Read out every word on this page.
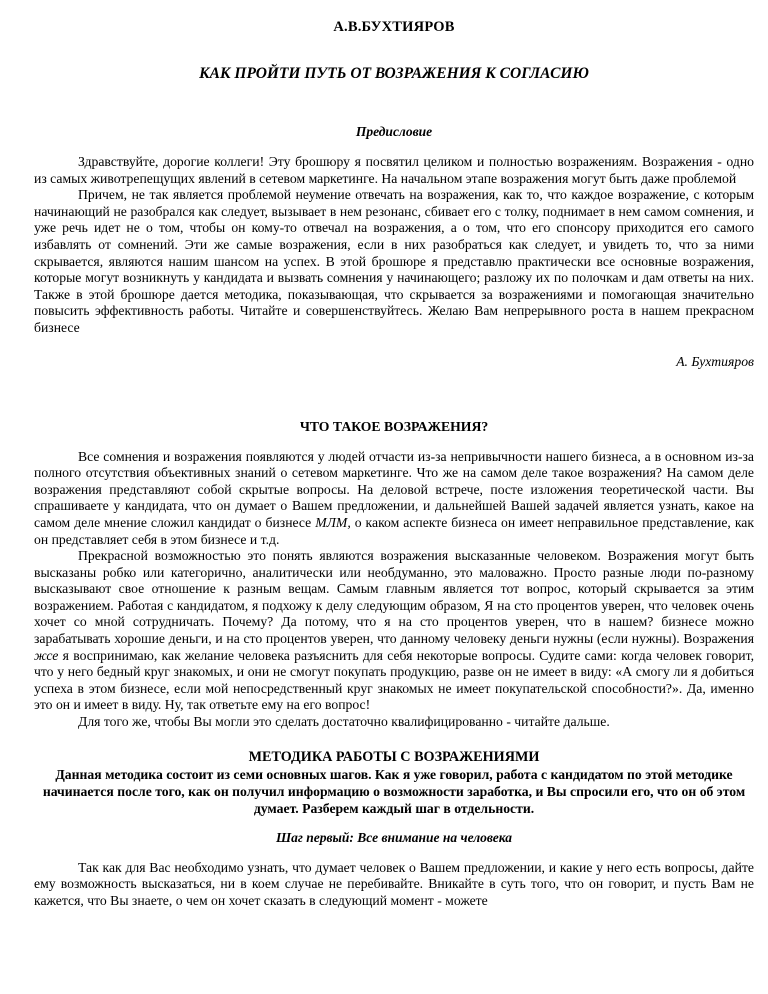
А.В.БУХТИЯРОВ
КАК ПРОЙТИ ПУТЬ ОТ ВОЗРАЖЕНИЯ К СОГЛАСИЮ
Предисловие

Здравствуйте, дорогие коллеги! Эту брошюру я посвятил целиком и полностью возражениям. Возражения - одно из самых животрепещущих явлений в сетевом маркетинге. На начальном этапе возражения могут быть даже проблемой

Причем, не так является проблемой неумение отвечать на возражения, как то, что каждое возражение, с которым начинающий не разобрался как следует, вызывает в нем резонанс, сбивает его с толку, поднимает в нем самом сомнения, и уже речь идет не о том, чтобы он кому-то отвечал на возражения, а о том, что его спонсору приходится его самого избавлять от сомнений. Эти же самые возражения, если в них разобраться как следует, и увидеть то, что за ними скрывается, являются нашим шансом на успех. В этой брошюре я представлю практически все основные возражения, которые могут возникнуть у кандидата и вызвать сомнения у начинающего; разложу их по полочкам и дам ответы на них. Также в этой брошюре дается методика, показывающая, что скрывается за возражениями и помогающая значительно повысить эффективность работы. Читайте и совершенствуйтесь. Желаю Вам непрерывного роста в нашем прекрасном бизнесе

А. Бухтияров
ЧТО ТАКОЕ ВОЗРАЖЕНИЯ?

Все сомнения и возражения появляются у людей отчасти из-за непривычности нашего бизнеса, а в основном из-за полного отсутствия объективных знаний о сетевом маркетинге. Что же на самом деле такое возражения? На самом деле возражения представляют собой скрытые вопросы. На деловой встрече, посте изложения теоретической части. Вы спрашиваете у кандидата, что он думает о Вашем предложении, и дальнейшей Вашей задачей является узнать, какое на самом деле мнение сложил кандидат о бизнесе МЛМ, о каком аспекте бизнеса он имеет неправильное представление, как он представляет себя в этом бизнесе и т.д.

Прекрасной возможностью это понять являются возражения высказанные человеком. Возражения могут быть высказаны робко или категорично, аналитически или необдуманно, это маловажно. Просто разные люди по-разному высказывают свое отношение к разным вещам. Самым главным является тот вопрос, который скрывается за этим возражением. Работая с кандидатом, я подхожу к делу следующим образом, Я на сто процентов уверен, что человек очень хочет со мной сотрудничать. Почему? Да потому, что я на сто процентов уверен, что в нашем? бизнесе можно зарабатывать хорошие деньги, и на сто процентов уверен, что данному человеку деньги нужны (если нужны). Возражения жсе я воспринимаю, как желание человека разъяснить для себя некоторые вопросы. Судите сами: когда человек говорит, что у него бедный круг знакомых, и они не смогут покупать продукцию, разве он не имеет в виду: «А смогу ли я добиться успеха в этом бизнесе, если мой непосредственный круг знакомых не имеет покупательской способности?». Да, именно это он и имеет в виду. Ну, так ответьте ему на его вопрос!

Для того же, чтобы Вы могли это сделать достаточно квалифицированно - читайте дальше.

МЕТОДИКА РАБОТЫ С ВОЗРАЖЕНИЯМИ

Данная методика состоит из семи основных шагов. Как я уже говорил, работа с кандидатом по этой методике начинается после того, как он получил информацию о возможности заработка, и Вы спросили его, что он об этом думает. Разберем каждый шаг в отдельности.

Шаг первый: Все внимание на человека

Так как для Вас необходимо узнать, что думает человек о Вашем предложении, и какие у него есть вопросы, дайте ему возможность высказаться, ни в коем случае не перебивайте. Вникайте в суть того, что он говорит, и пусть Вам не кажется, что Вы знаете, о чем он хочет сказать в следующий момент - можете
